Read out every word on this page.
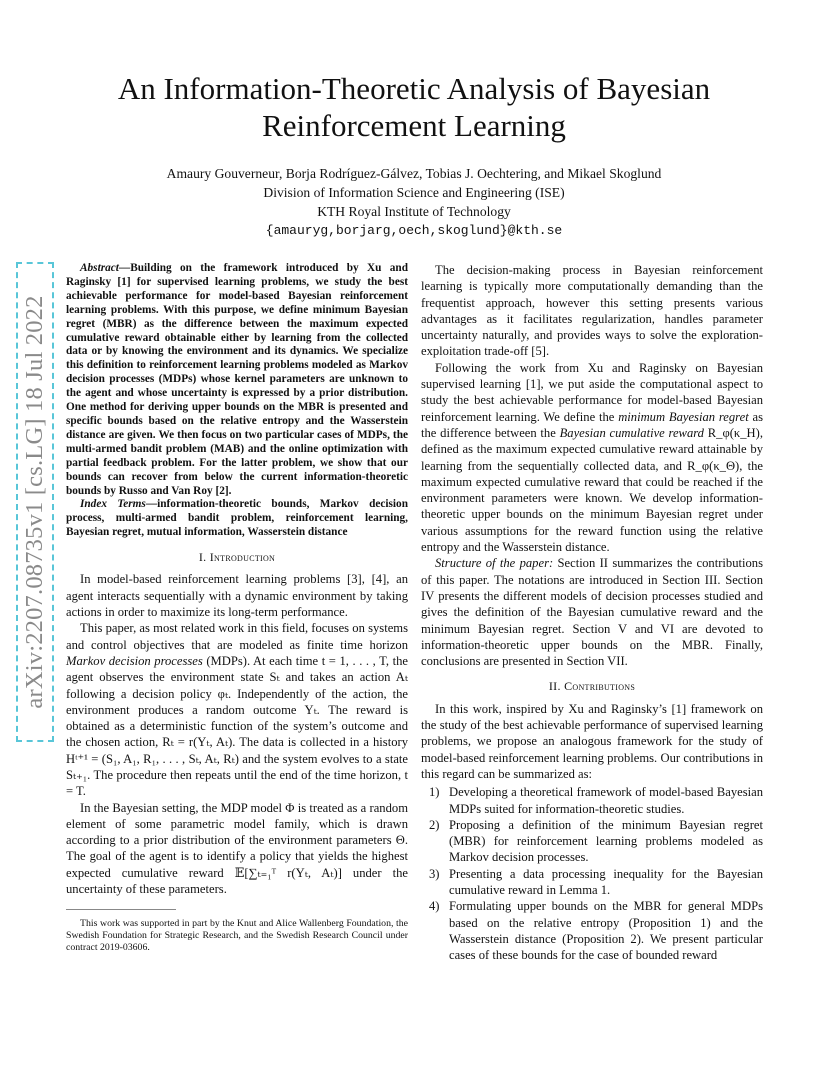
An Information-Theoretic Analysis of Bayesian
Reinforcement Learning
Amaury Gouverneur, Borja Rodríguez-Gálvez, Tobias J. Oechtering, and Mikael Skoglund
Division of Information Science and Engineering (ISE)
KTH Royal Institute of Technology
{amauryg,borjarg,oech,skoglund}@kth.se
arXiv:2207.08735v1 [cs.LG] 18 Jul 2022

Abstract—Building on the framework introduced by Xu and Raginsky [1] for supervised learning problems, we study the best achievable performance for model-based Bayesian reinforcement learning problems. With this purpose, we define minimum Bayesian regret (MBR) as the difference between the maximum expected cumulative reward obtainable either by learning from the collected data or by knowing the environment and its dynamics. We specialize this definition to reinforcement learning problems modeled as Markov decision processes (MDPs) whose kernel parameters are unknown to the agent and whose uncertainty is expressed by a prior distribution. One method for deriving upper bounds on the MBR is presented and specific bounds based on the relative entropy and the Wasserstein distance are given. We then focus on two particular cases of MDPs, the multi-armed bandit problem (MAB) and the online optimization with partial feedback problem. For the latter problem, we show that our bounds can recover from below the current information-theoretic bounds by Russo and Van Roy [2].

Index Terms—information-theoretic bounds, Markov decision process, multi-armed bandit problem, reinforcement learning, Bayesian regret, mutual information, Wasserstein distance

I. Introduction

In model-based reinforcement learning problems [3], [4], an agent interacts sequentially with a dynamic environment by taking actions in order to maximize its long-term performance.

This paper, as most related work in this field, focuses on systems and control objectives that are modeled as finite time horizon Markov decision processes (MDPs). At each time t = 1, . . . , T, the agent observes the environment state Sₜ and takes an action Aₜ following a decision policy φₜ. Independently of the action, the environment produces a random outcome Yₜ. The reward is obtained as a deterministic function of the system’s outcome and the chosen action, Rₜ = r(Yₜ, Aₜ). The data is collected in a history Hᵗ⁺¹ = (S₁, A₁, R₁, . . . , Sₜ, Aₜ, Rₜ) and the system evolves to a state Sₜ₊₁. The procedure then repeats until the end of the time horizon, t = T.

In the Bayesian setting, the MDP model Φ is treated as a random element of some parametric model family, which is drawn according to a prior distribution of the environment parameters Θ. The goal of the agent is to identify a policy that yields the highest expected cumulative reward 𝔼[∑ₜ₌₁ᵀ r(Yₜ, Aₜ)] under the uncertainty of these parameters.

This work was supported in part by the Knut and Alice Wallenberg Foundation, the Swedish Foundation for Strategic Research, and the Swedish Research Council under contract 2019-03606.

The decision-making process in Bayesian reinforcement learning is typically more computationally demanding than the frequentist approach, however this setting presents various advantages as it facilitates regularization, handles parameter uncertainty naturally, and provides ways to solve the exploration-exploitation trade-off [5].

Following the work from Xu and Raginsky on Bayesian supervised learning [1], we put aside the computational aspect to study the best achievable performance for model-based Bayesian reinforcement learning. We define the minimum Bayesian regret as the difference between the Bayesian cumulative reward R_φ(κ_H), defined as the maximum expected cumulative reward attainable by learning from the sequentially collected data, and R_φ(κ_Θ), the maximum expected cumulative reward that could be reached if the environment parameters were known. We develop information-theoretic upper bounds on the minimum Bayesian regret under various assumptions for the reward function using the relative entropy and the Wasserstein distance.

Structure of the paper: Section II summarizes the contributions of this paper. The notations are introduced in Section III. Section IV presents the different models of decision processes studied and gives the definition of the Bayesian cumulative reward and the minimum Bayesian regret. Section V and VI are devoted to information-theoretic upper bounds on the MBR. Finally, conclusions are presented in Section VII.

II. Contributions

In this work, inspired by Xu and Raginsky’s [1] framework on the study of the best achievable performance of supervised learning problems, we propose an analogous framework for the study of model-based reinforcement learning problems. Our contributions in this regard can be summarized as:

1) Developing a theoretical framework of model-based Bayesian MDPs suited for information-theoretic studies.
2) Proposing a definition of the minimum Bayesian regret (MBR) for reinforcement learning problems modeled as Markov decision processes.
3) Presenting a data processing inequality for the Bayesian cumulative reward in Lemma 1.
4) Formulating upper bounds on the MBR for general MDPs based on the relative entropy (Proposition 1) and the Wasserstein distance (Proposition 2). We present particular cases of these bounds for the case of bounded reward
